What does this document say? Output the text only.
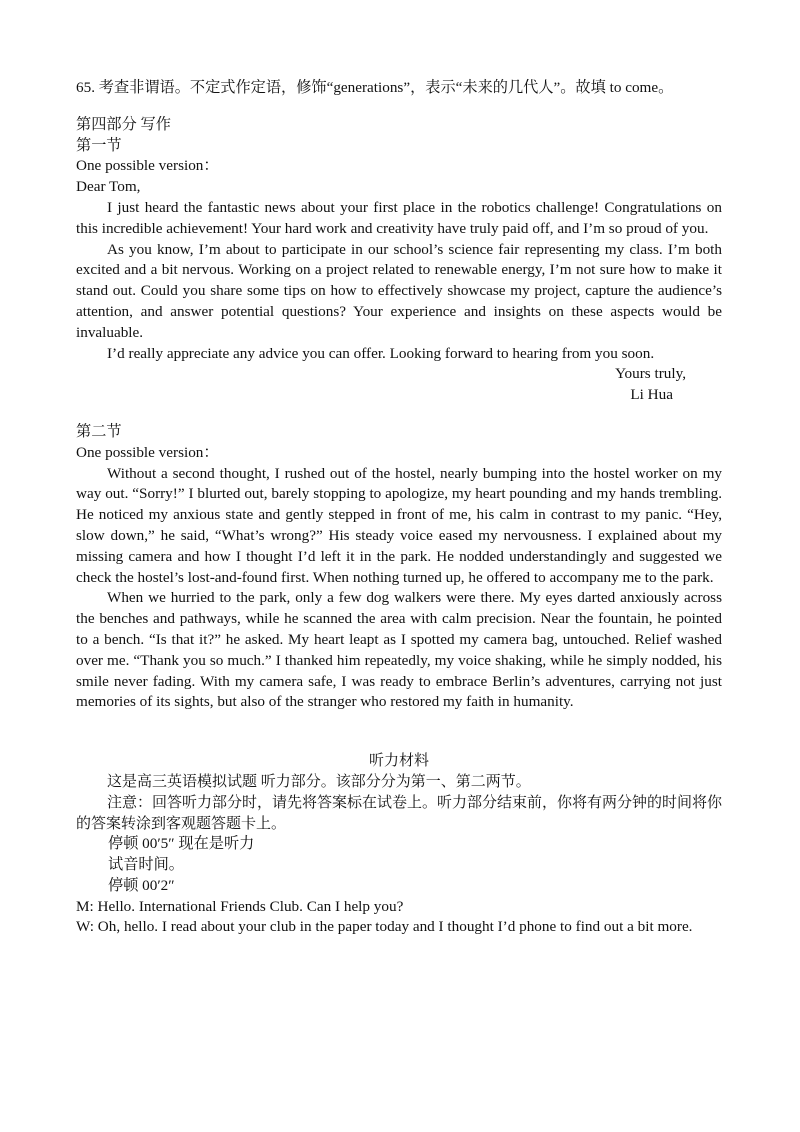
65. 考查非谓语。不定式作定语，修饰“generations”，表示“未来的几代人”。故填 to come。

第四部分 写作

第一节

One possible version：

Dear Tom,

I just heard the fantastic news about your first place in the robotics challenge! Congratulations on this incredible achievement! Your hard work and creativity have truly paid off, and I’m so proud of you.

As you know, I’m about to participate in our school’s science fair representing my class. I’m both excited and a bit nervous. Working on a project related to renewable energy, I’m not sure how to make it stand out. Could you share some tips on how to effectively showcase my project, capture the audience’s attention, and answer potential questions? Your experience and insights on these aspects would be invaluable.

I’d really appreciate any advice you can offer. Looking forward to hearing from you soon.

Yours truly,

Li Hua

第二节

One possible version：

Without a second thought, I rushed out of the hostel, nearly bumping into the hostel worker on my way out. “Sorry!” I blurted out, barely stopping to apologize, my heart pounding and my hands trembling. He noticed my anxious state and gently stepped in front of me, his calm in contrast to my panic. “Hey, slow down,” he said, “What’s wrong?” His steady voice eased my nervousness. I explained about my missing camera and how I thought I’d left it in the park. He nodded understandingly and suggested we check the hostel’s lost-and-found first. When nothing turned up, he offered to accompany me to the park.

When we hurried to the park, only a few dog walkers were there. My eyes darted anxiously across the benches and pathways, while he scanned the area with calm precision. Near the fountain, he pointed to a bench. “Is that it?” he asked. My heart leapt as I spotted my camera bag, untouched. Relief washed over me. “Thank you so much.” I thanked him repeatedly, my voice shaking, while he simply nodded, his smile never fading. With my camera safe, I was ready to embrace Berlin’s adventures, carrying not just memories of its sights, but also of the stranger who restored my faith in humanity.

听力材料

这是高三英语模拟试题 听力部分。该部分分为第一、第二两节。

注意：回答听力部分时，请先将答案标在试卷上。听力部分结束前，你将有两分钟的时间将你的答案转涂到客观题答题卡上。

停顿 00′5″ 现在是听力

试音时间。

停顿 00′2″

M: Hello. International Friends Club. Can I help you?

W: Oh, hello. I read about your club in the paper today and I thought I’d phone to find out a bit more.
